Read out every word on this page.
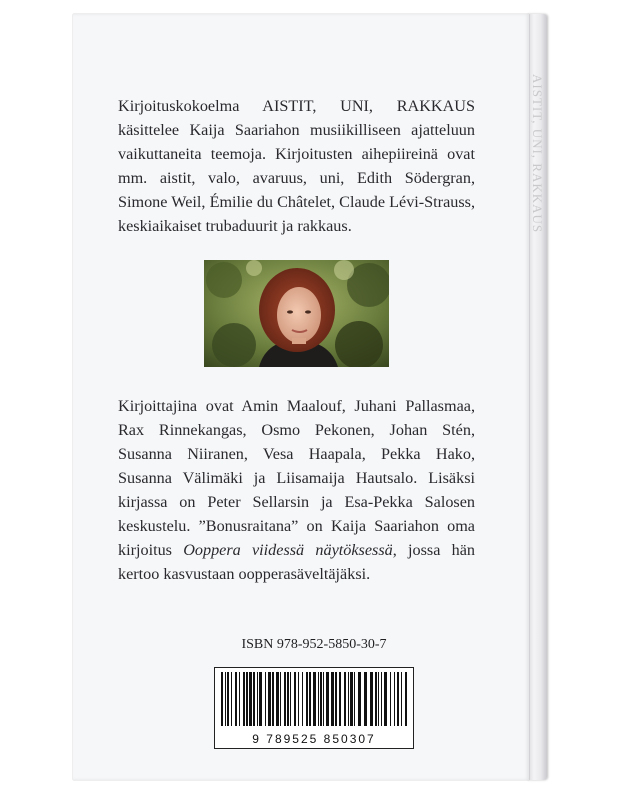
AISTIT, UNI, RAKKAUS

Kirjoituskokoelma AISTIT, UNI, RAKKAUS käsittelee Kaija Saariahon musiikilliseen ajatteluun vaikuttaneita teemoja. Kirjoitusten aihepiireinä ovat mm. aistit, valo, avaruus, uni, Edith Södergran, Simone Weil, Émilie du Châtelet, Claude Lévi-Strauss, keskiaikaiset trubaduurit ja rakkaus.

Kirjoittajina ovat Amin Maalouf, Juhani Pallasmaa, Rax Rinnekangas, Osmo Pekonen, Johan Stén, Susanna Niiranen, Vesa Haapala, Pekka Hako, Susanna Välimäki ja Liisamaija Hautsalo. Lisäksi kirjassa on Peter Sellarsin ja Esa-Pekka Salosen keskustelu. ”Bonusraitana” on Kaija Saariahon oma kirjoitus Ooppera viidessä näytöksessä, jossa hän kertoo kasvustaan oopperasäveltäjäksi.

ISBN 978-952-5850-30-7

9 789525 850307
